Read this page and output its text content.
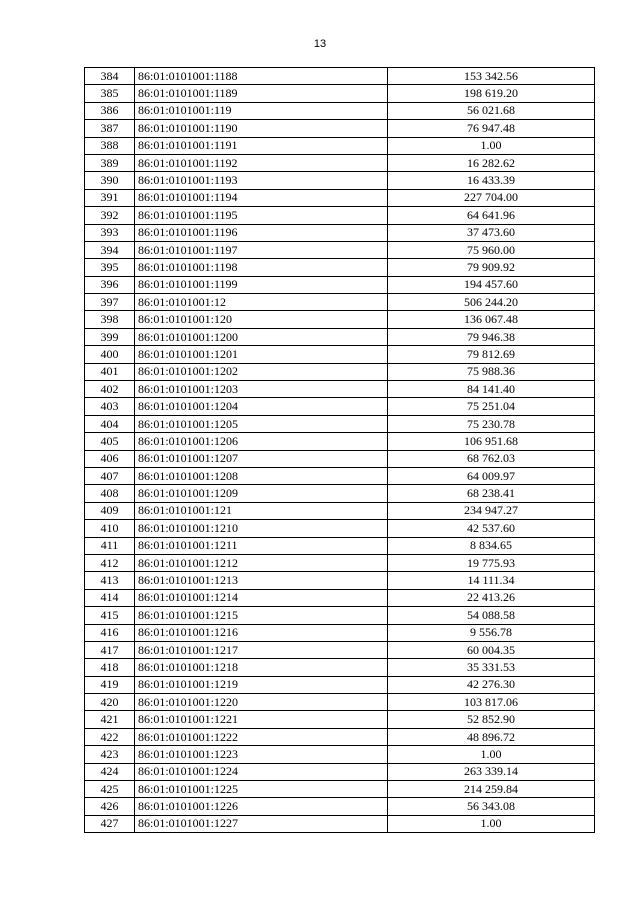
13
384	86:01:0101001:1188	153 342.56
385	86:01:0101001:1189	198 619.20
386	86:01:0101001:119	56 021.68
387	86:01:0101001:1190	76 947.48
388	86:01:0101001:1191	1.00
389	86:01:0101001:1192	16 282.62
390	86:01:0101001:1193	16 433.39
391	86:01:0101001:1194	227 704.00
392	86:01:0101001:1195	64 641.96
393	86:01:0101001:1196	37 473.60
394	86:01:0101001:1197	75 960.00
395	86:01:0101001:1198	79 909.92
396	86:01:0101001:1199	194 457.60
397	86:01:0101001:12	506 244.20
398	86:01:0101001:120	136 067.48
399	86:01:0101001:1200	79 946.38
400	86:01:0101001:1201	79 812.69
401	86:01:0101001:1202	75 988.36
402	86:01:0101001:1203	84 141.40
403	86:01:0101001:1204	75 251.04
404	86:01:0101001:1205	75 230.78
405	86:01:0101001:1206	106 951.68
406	86:01:0101001:1207	68 762.03
407	86:01:0101001:1208	64 009.97
408	86:01:0101001:1209	68 238.41
409	86:01:0101001:121	234 947.27
410	86:01:0101001:1210	42 537.60
411	86:01:0101001:1211	8 834.65
412	86:01:0101001:1212	19 775.93
413	86:01:0101001:1213	14 111.34
414	86:01:0101001:1214	22 413.26
415	86:01:0101001:1215	54 088.58
416	86:01:0101001:1216	9 556.78
417	86:01:0101001:1217	60 004.35
418	86:01:0101001:1218	35 331.53
419	86:01:0101001:1219	42 276.30
420	86:01:0101001:1220	103 817.06
421	86:01:0101001:1221	52 852.90
422	86:01:0101001:1222	48 896.72
423	86:01:0101001:1223	1.00
424	86:01:0101001:1224	263 339.14
425	86:01:0101001:1225	214 259.84
426	86:01:0101001:1226	56 343.08
427	86:01:0101001:1227	1.00
